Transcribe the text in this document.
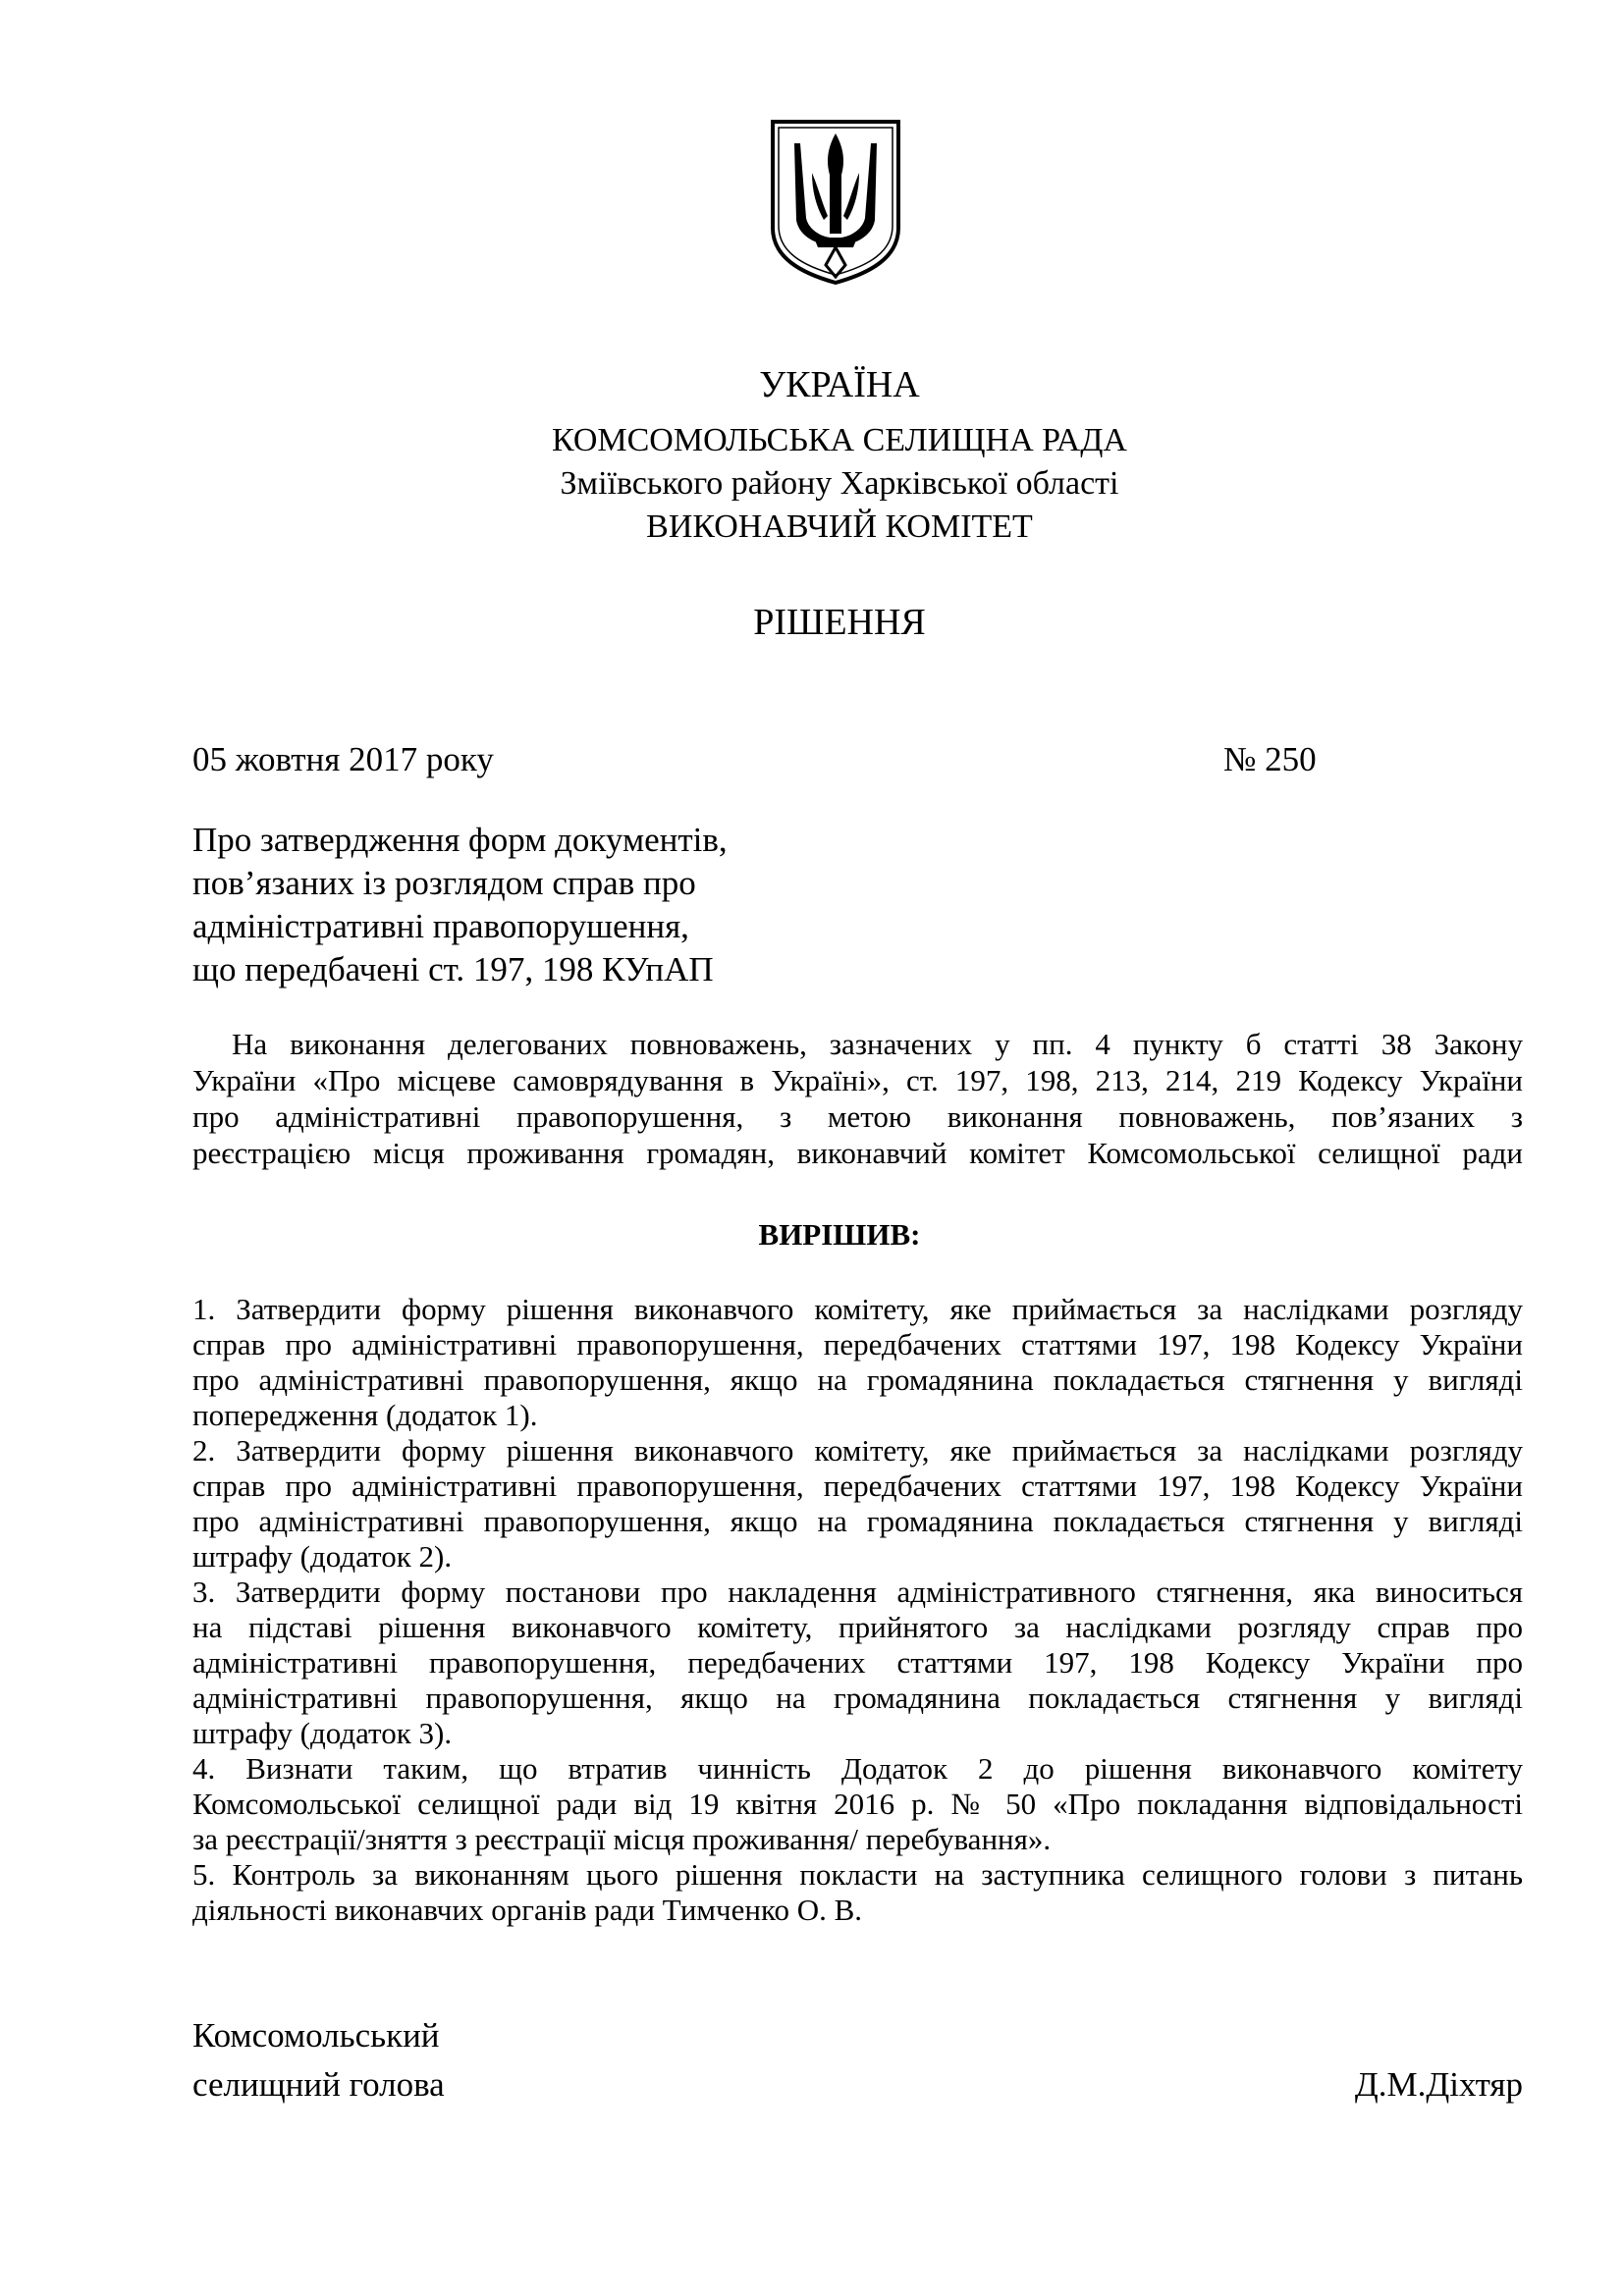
УКРАЇНА
КОМСОМОЛЬСЬКА СЕЛИЩНА РАДА
Зміївського району Харківської області
ВИКОНАВЧИЙ КОМІТЕТ
РІШЕННЯ
05 жовтня 2017 року	№ 250
Про затвердження форм документів,
пов’язаних із розглядом справ про
адміністративні правопорушення,
що передбачені ст. 197, 198 КУпАП
На виконання делегованих повноважень, зазначених у пп. 4 пункту б статті 38 Закону
України «Про місцеве самоврядування в Україні», ст. 197, 198, 213, 214, 219 Кодексу України
про адміністративні правопорушення, з метою виконання повноважень, пов’язаних з
реєстрацією місця проживання громадян, виконавчий комітет Комсомольської селищної ради
ВИРІШИВ:
1. Затвердити форму рішення виконавчого комітету, яке приймається за наслідками розгляду
справ про адміністративні правопорушення, передбачених статтями 197, 198 Кодексу України
про адміністративні правопорушення, якщо на громадянина покладається стягнення у вигляді
попередження (додаток 1).
2. Затвердити форму рішення виконавчого комітету, яке приймається за наслідками розгляду
справ про адміністративні правопорушення, передбачених статтями 197, 198 Кодексу України
про адміністративні правопорушення, якщо на громадянина покладається стягнення у вигляді
штрафу (додаток 2).
3. Затвердити форму постанови про накладення адміністративного стягнення, яка виноситься
на підставі рішення виконавчого комітету, прийнятого за наслідками розгляду справ про
адміністративні правопорушення, передбачених статтями 197, 198 Кодексу України про
адміністративні правопорушення, якщо на громадянина покладається стягнення у вигляді
штрафу (додаток 3).
4. Визнати таким, що втратив чинність Додаток 2 до рішення виконавчого комітету
Комсомольської селищної ради від 19 квітня 2016 р. № 50 «Про покладання відповідальності
за реєстрації/зняття з реєстрації місця проживання/ перебування».
5. Контроль за виконанням цього рішення покласти на заступника селищного голови з питань
діяльності виконавчих органів ради Тимченко О. В.
Комсомольський
селищний голова	Д.М.Діхтяр
